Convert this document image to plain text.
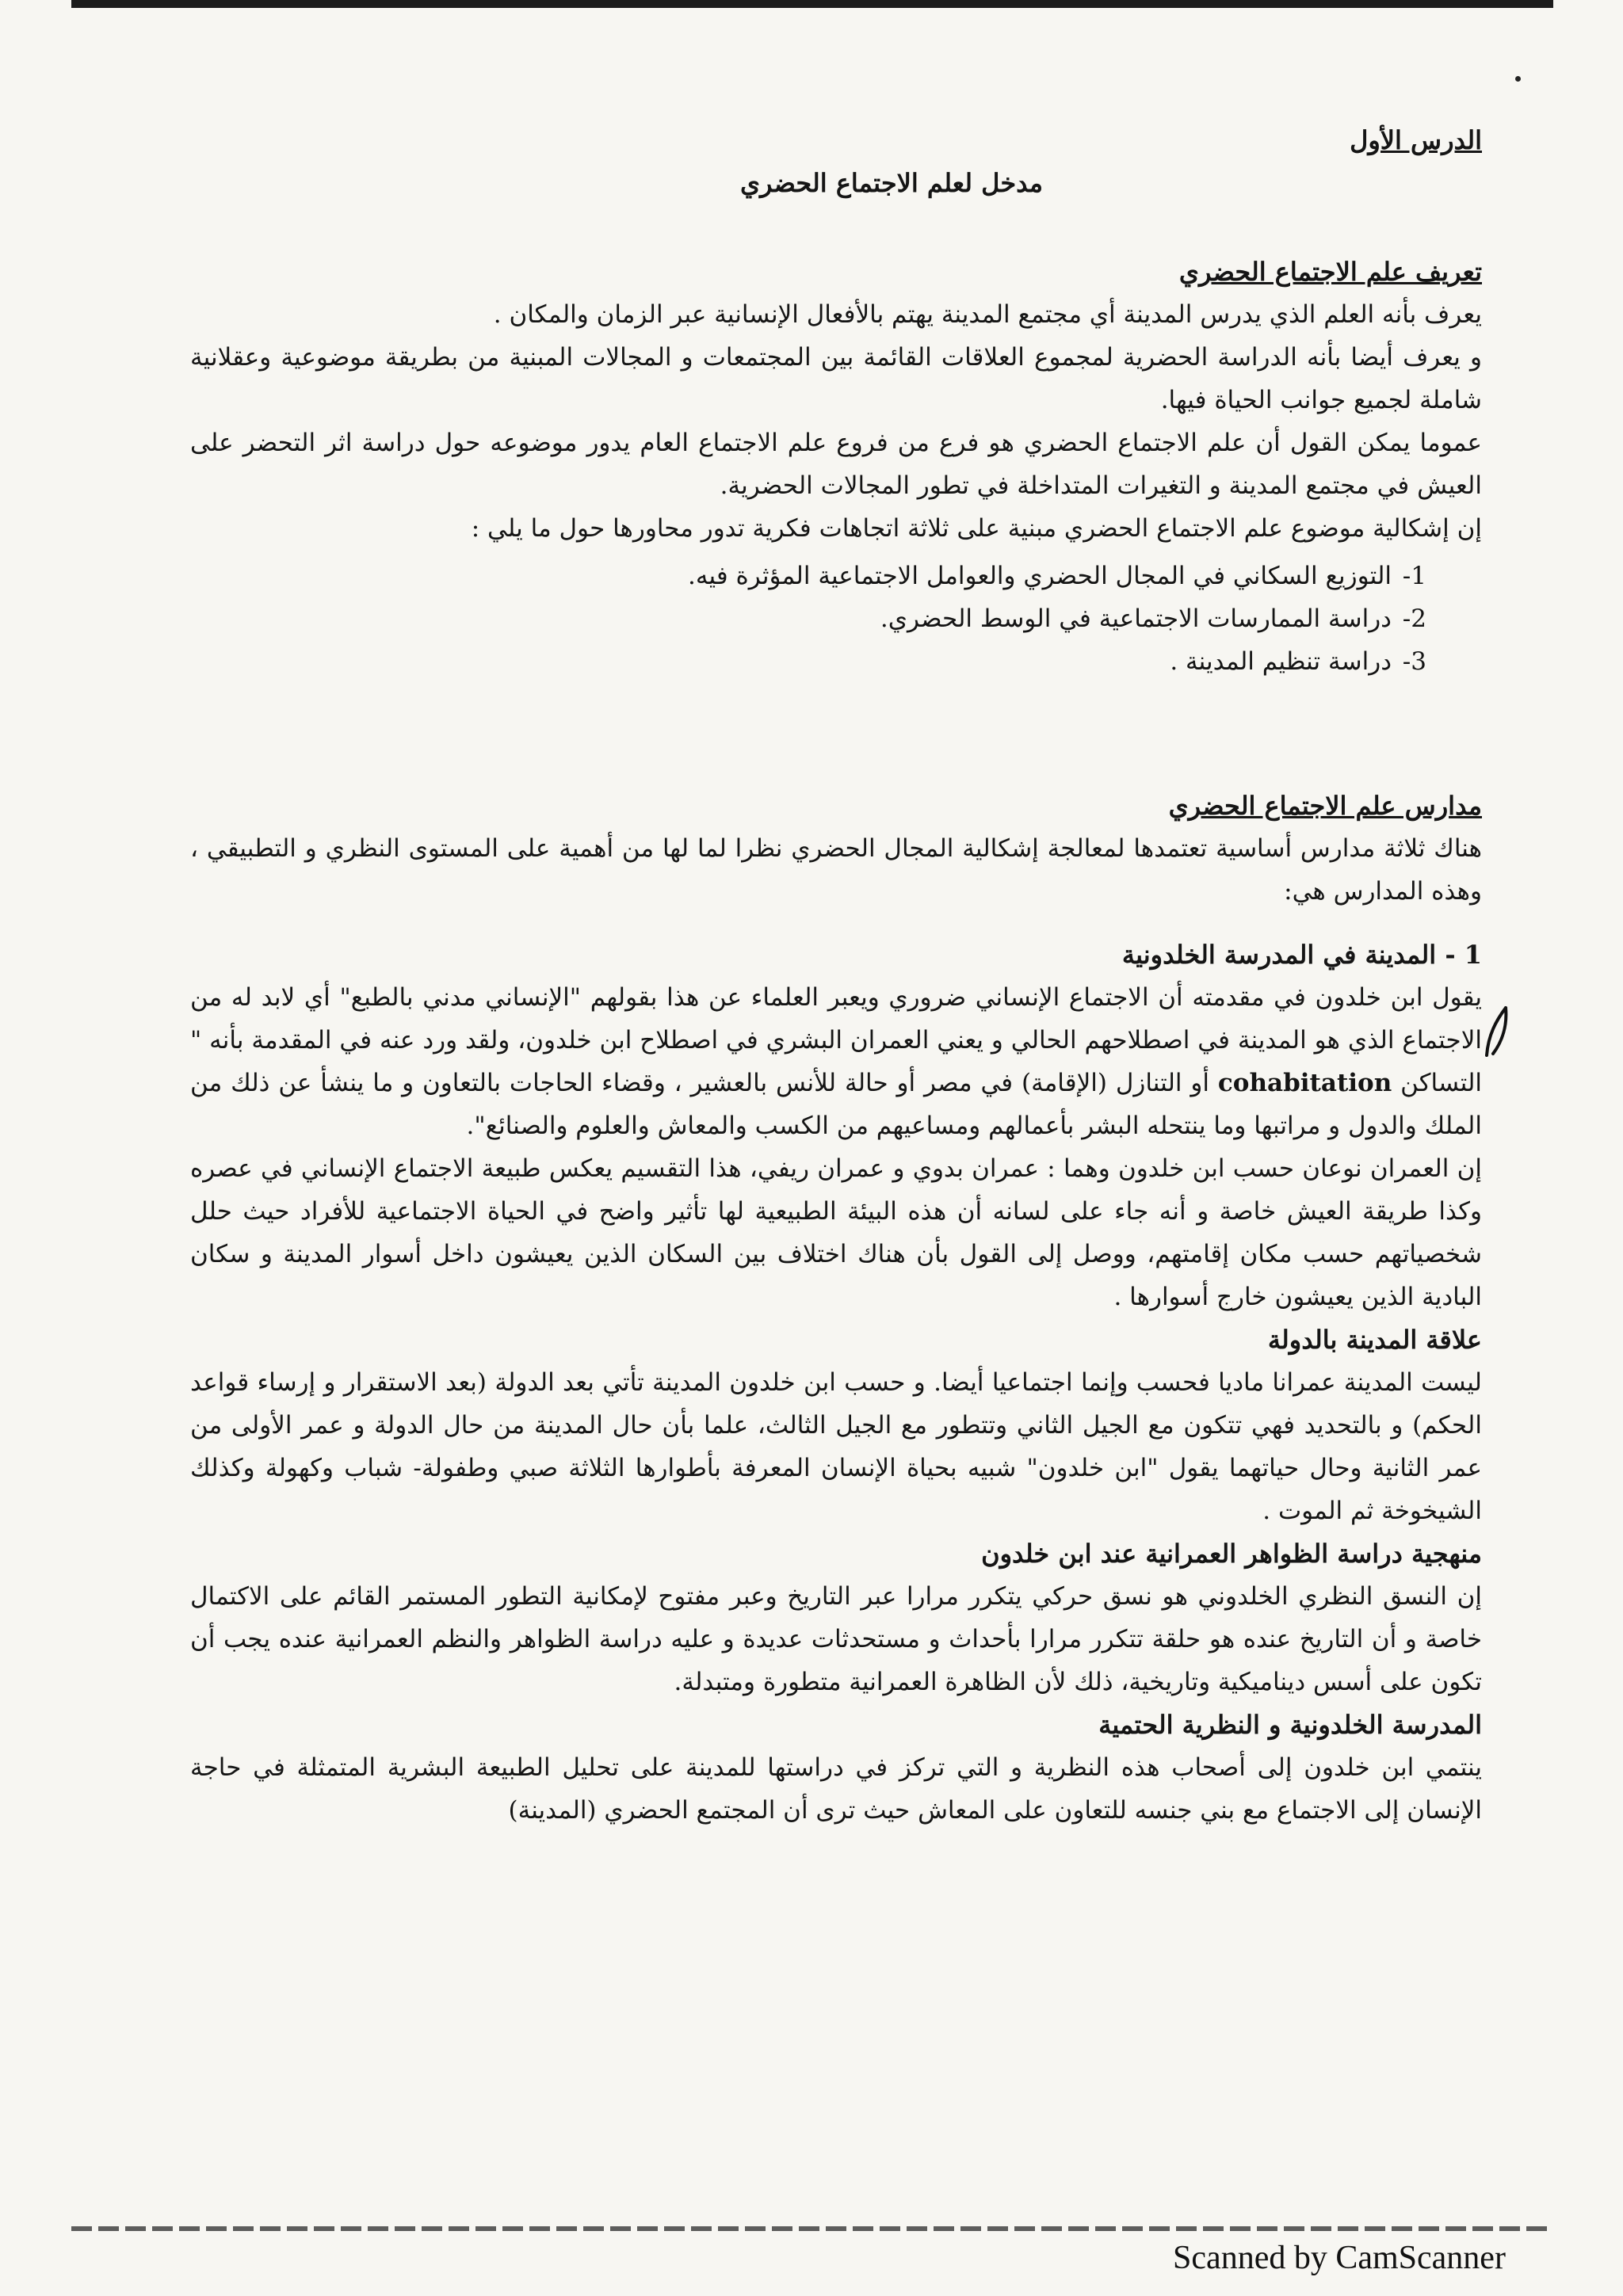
الدرس الأول

مدخل لعلم الاجتماع الحضري

تعريف علم الاجتماع الحضري

يعرف بأنه العلم الذي يدرس المدينة أي مجتمع المدينة يهتم بالأفعال الإنسانية عبر الزمان والمكان .

و يعرف أيضا بأنه الدراسة الحضرية لمجموع العلاقات القائمة بين المجتمعات و المجالات المبنية من بطريقة موضوعية وعقلانية شاملة لجميع جوانب الحياة فيها.

عموما يمكن القول أن علم الاجتماع الحضري هو فرع من فروع علم الاجتماع العام يدور موضوعه حول دراسة اثر التحضر على العيش في مجتمع المدينة و التغيرات المتداخلة في تطور المجالات الحضرية.

إن إشكالية موضوع علم الاجتماع الحضري مبنية على ثلاثة اتجاهات فكرية تدور محاورها حول ما يلي :

1-التوزيع السكاني في المجال الحضري والعوامل الاجتماعية المؤثرة فيه.
2-دراسة الممارسات الاجتماعية في الوسط الحضري.
3-دراسة تنظيم المدينة .

مدارس علم الاجتماع الحضري

هناك ثلاثة مدارس أساسية تعتمدها لمعالجة إشكالية المجال الحضري نظرا لما لها من أهمية على المستوى النظري و التطبيقي ، وهذه المدارس هي:

1 - المدينة في المدرسة الخلدونية

يقول ابن خلدون في مقدمته أن الاجتماع الإنساني ضروري ويعبر العلماء عن هذا بقولهم "الإنساني مدني بالطبع" أي لابد له من الاجتماع الذي هو المدينة في اصطلاحهم الحالي و يعني العمران البشري في اصطلاح ابن خلدون، ولقد ورد عنه في المقدمة بأنه " التساكن cohabitation أو التنازل (الإقامة) في مصر أو حالة للأنس بالعشير ، وقضاء الحاجات بالتعاون و ما ينشأ عن ذلك من الملك والدول و مراتبها وما ينتحله البشر بأعمالهم ومساعيهم من الكسب والمعاش والعلوم والصنائع".

إن العمران نوعان حسب ابن خلدون وهما : عمران بدوي و عمران ريفي، هذا التقسيم يعكس طبيعة الاجتماع الإنساني في عصره وكذا طريقة العيش خاصة و أنه جاء على لسانه أن هذه البيئة الطبيعية لها تأثير واضح في الحياة الاجتماعية للأفراد حيث حلل شخصياتهم حسب مكان إقامتهم، ووصل إلى القول بأن هناك اختلاف بين السكان الذين يعيشون داخل أسوار المدينة و سكان البادية الذين يعيشون خارج أسوارها .

علاقة المدينة بالدولة

ليست المدينة عمرانا ماديا فحسب وإنما اجتماعيا أيضا. و حسب ابن خلدون المدينة تأتي بعد الدولة (بعد الاستقرار و إرساء قواعد الحكم) و بالتحديد فهي تتكون مع الجيل الثاني وتتطور مع الجيل الثالث، علما بأن حال المدينة من حال الدولة و عمر الأولى من عمر الثانية وحال حياتهما يقول "ابن خلدون" شبيه بحياة الإنسان المعرفة بأطوارها الثلاثة صبي وطفولة- شباب وكهولة وكذلك الشيخوخة ثم الموت .

منهجية دراسة الظواهر العمرانية عند ابن خلدون

إن النسق النظري الخلدوني هو نسق حركي يتكرر مرارا عبر التاريخ وعبر مفتوح لإمكانية التطور المستمر القائم على الاكتمال خاصة و أن التاريخ عنده هو حلقة تتكرر مرارا بأحداث و مستحدثات عديدة و عليه دراسة الظواهر والنظم العمرانية عنده يجب أن تكون على أسس ديناميكية وتاريخية، ذلك لأن الظاهرة العمرانية متطورة ومتبدلة.

المدرسة الخلدونية و النظرية الحتمية

ينتمي ابن خلدون إلى أصحاب هذه النظرية و التي تركز في دراستها للمدينة على تحليل الطبيعة البشرية المتمثلة في حاجة الإنسان إلى الاجتماع مع بني جنسه للتعاون على المعاش حيث ترى أن المجتمع الحضري (المدينة)

Scanned by CamScanner
